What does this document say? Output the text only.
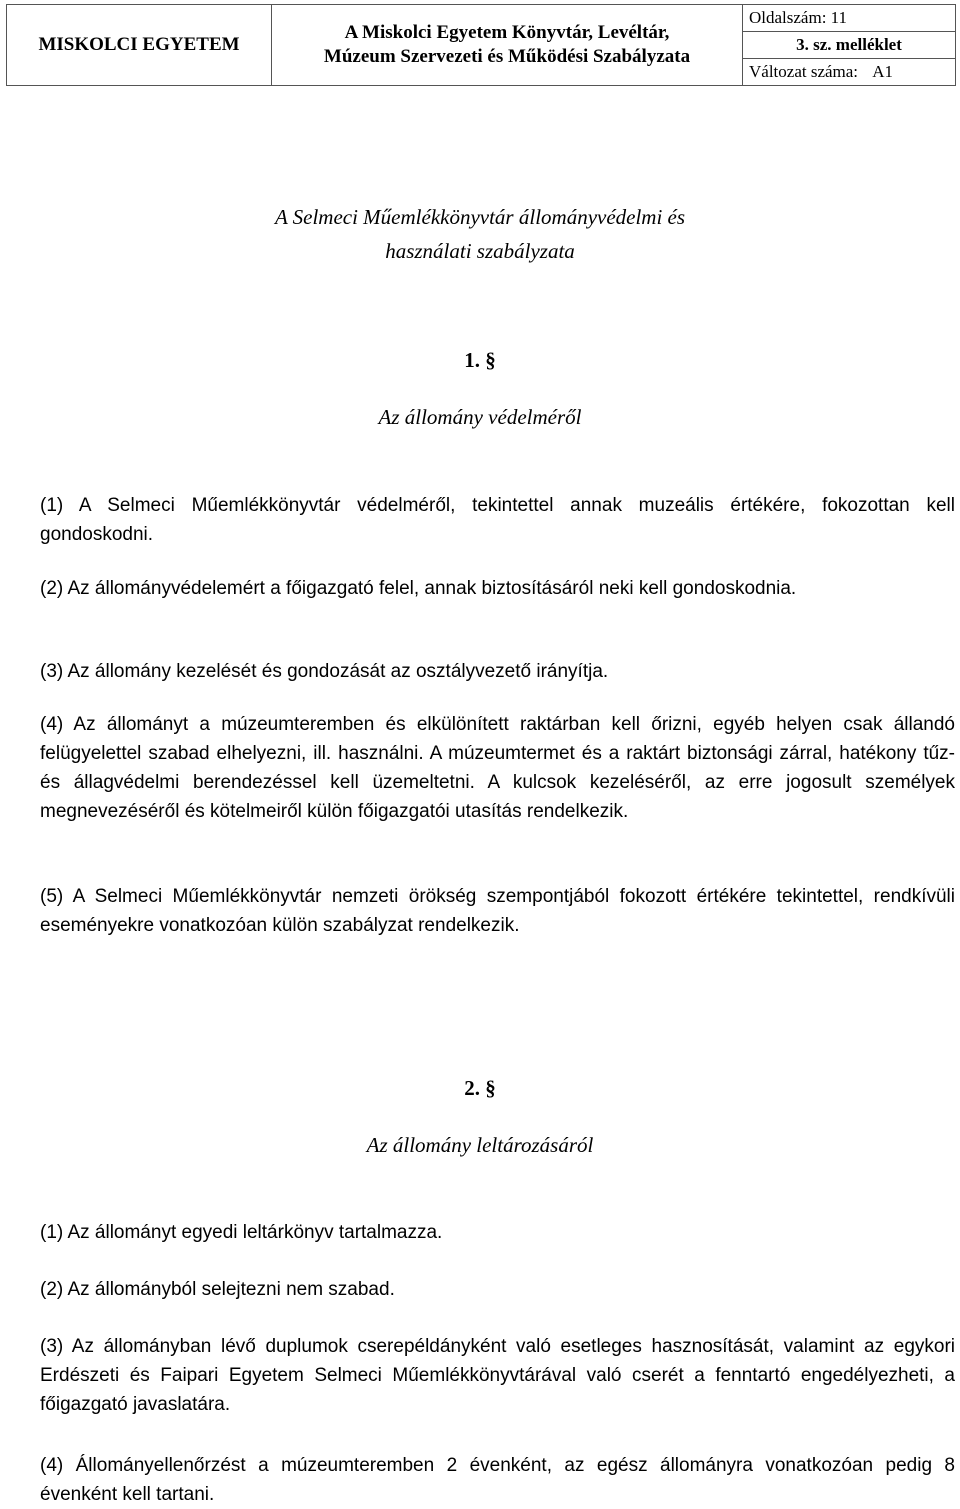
MISKOLCI EGYETEM	
A Miskolci Egyetem Könyvtár, Levéltár,
Múzeum Szervezeti és Működési Szabályzata

Oldalszám: 11
3. sz. melléklet
Változat száma: A1
A Selmeci Műemlékkönyvtár állományvédelmi és
használati szabályzata
1. §
Az állomány védelméről
(1) A Selmeci Műemlékkönyvtár védelméről, tekintettel annak muzeális értékére, fokozottan kell gondoskodni.
(2) Az állományvédelemért a főigazgató felel, annak biztosításáról neki kell gondoskodnia.
(3) Az állomány kezelését és gondozását az osztályvezető irányítja.
(4) Az állományt a múzeumteremben és elkülönített raktárban kell őrizni, egyéb helyen csak állandó felügyelettel szabad elhelyezni, ill. használni. A múzeumtermet és a raktárt biztonsági zárral, hatékony tűz- és állagvédelmi berendezéssel kell üzemeltetni. A kulcsok kezeléséről, az erre jogosult személyek megnevezéséről és kötelmeiről külön főigazgatói utasítás rendelkezik.
(5) A Selmeci Műemlékkönyvtár nemzeti örökség szempontjából fokozott értékére tekintettel, rendkívüli eseményekre vonatkozóan külön szabályzat rendelkezik.
2. §
Az állomány leltározásáról
(1) Az állományt egyedi leltárkönyv tartalmazza.
(2) Az állományból selejtezni nem szabad.
(3) Az állományban lévő duplumok cserepéldányként való esetleges hasznosítását, valamint az egykori Erdészeti és Faipari Egyetem Selmeci Műemlékkönyvtárával való cserét a fenntartó engedélyezheti, a főigazgató javaslatára.
(4) Állományellenőrzést a múzeumteremben 2 évenként, az egész állományra vonatkozóan pedig 8 évenként kell tartani.
